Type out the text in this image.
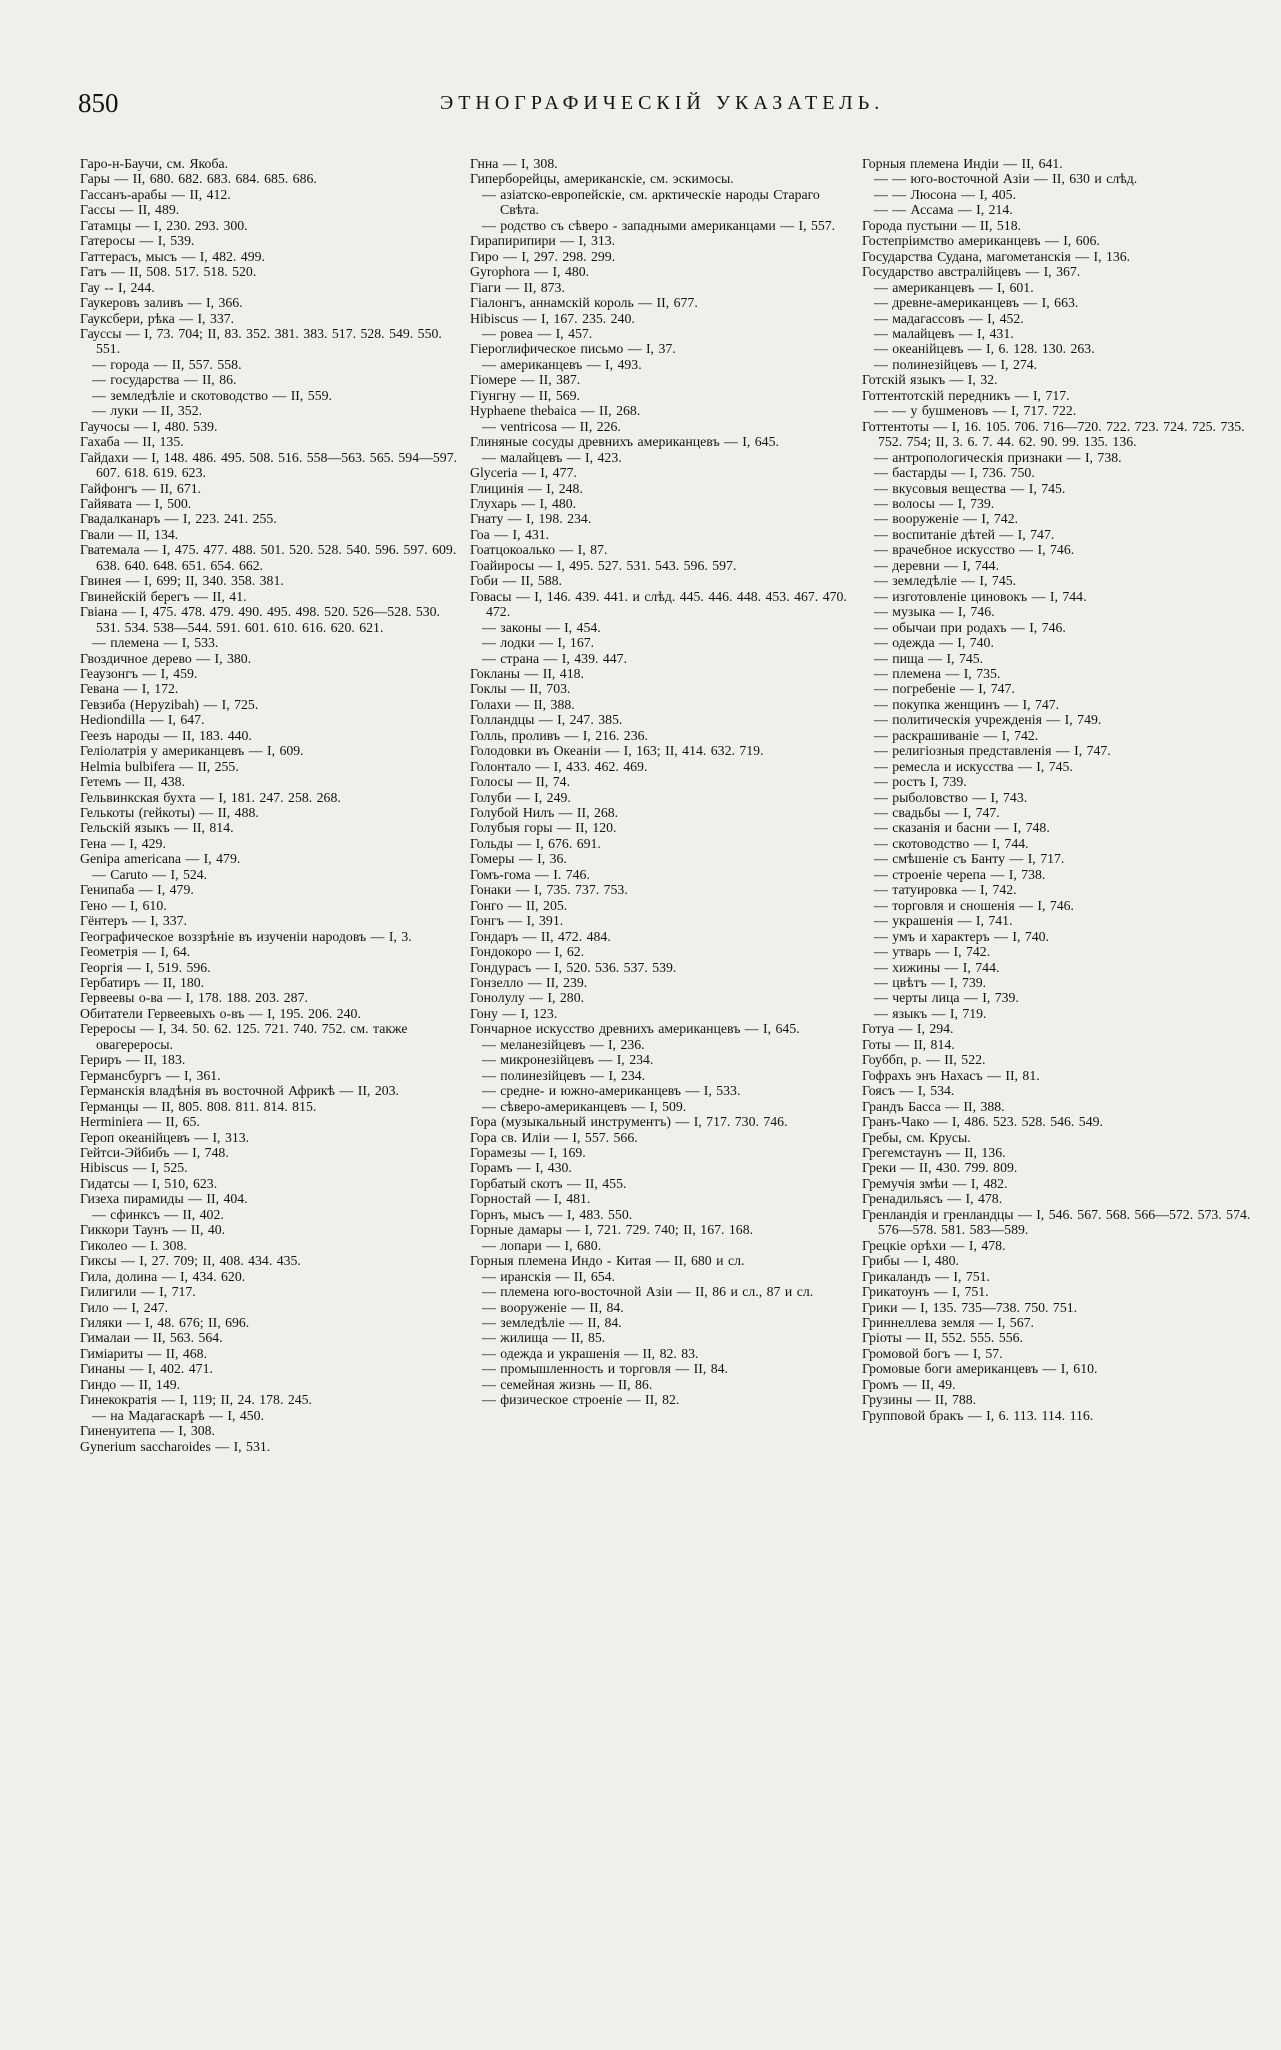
850	ЭТНОГРАФИЧЕСКІЙ УКАЗАТЕЛЬ.
Гаро-н-Баучи, см. Якоба.
Гары — II, 680. 682. 683. 684. 685. 686.
Гассанъ-арабы — II, 412.
Гассы — II, 489.
Гатамцы — I, 230. 293. 300.
Гатеросы — I, 539.
Гаттерасъ, мысъ — I, 482. 499.
Гатъ — II, 508. 517. 518. 520.
Гау -- I, 244.
Гаукеровъ заливъ — I, 366.
Гауксбери, рѣка — I, 337.
Гауссы — I, 73. 704; II, 83. 352. 381. 383. 517. 528. 549. 550. 551.
— города — II, 557. 558.
— государства — II, 86.
— земледѣліе и скотоводство — II, 559.
— луки — II, 352.
Гаучосы — I, 480. 539.
Гахаба — II, 135.
Гайдахи — I, 148. 486. 495. 508. 516. 558—563. 565. 594—597. 607. 618. 619. 623.
Гайфонгъ — II, 671.
Гайявата — I, 500.
Гвадалканаръ — I, 223. 241. 255.
Гвали — II, 134.
Гватемала — I, 475. 477. 488. 501. 520. 528. 540. 596. 597. 609. 638. 640. 648. 651. 654. 662.
Гвинея — I, 699; II, 340. 358. 381.
Гвинейскій берегъ — II, 41.
Гвіана — I, 475. 478. 479. 490. 495. 498. 520. 526—528. 530. 531. 534. 538—544. 591. 601. 610. 616. 620. 621.
— племена — I, 533.
Гвоздичное дерево — I, 380.
Геаузонгъ — I, 459.
Гевана — I, 172.
Гевзиба (Hepyzibah) — I, 725.
Hediondilla — I, 647.
Геезъ народы — II, 183. 440.
Геліолатрія у американцевъ — I, 609.
Helmia bulbifera — II, 255.
Гетемъ — II, 438.
Гельвинкская бухта — I, 181. 247. 258. 268.
Гелькоты (гейкоты) — II, 488.
Гельскій языкъ — II, 814.
Гена — I, 429.
Genipa americana — I, 479.
— Caruto — I, 524.
Генипаба — I, 479.
Гено — I, 610.
Гёнтеръ — I, 337.
Географическое воззрѣніе въ изученіи народовъ — I, 3.
Геометрія — I, 64.
Георгія — I, 519. 596.
Гербатиръ — II, 180.
Гервеевы о-ва — I, 178. 188. 203. 287.
Обитатели Гервеевыхъ о-въ — I, 195. 206. 240.
Гереросы — I, 34. 50. 62. 125. 721. 740. 752. см. также овагереросы.
Гериръ — II, 183.
Германсбургъ — I, 361.
Германскія владѣнія въ восточной Африкѣ — II, 203.
Германцы — II, 805. 808. 811. 814. 815.
Herminiera — II, 65.
Героп океанійцевъ — I, 313.
Гейтси-Эйбибъ — I, 748.
Hibiscus — I, 525.
Гидатсы — I, 510, 623.
Гизеха пирамиды — II, 404.
— сфинксъ — II, 402.
Гиккори Таунъ — II, 40.
Гиколео — I. 308.
Гиксы — I, 27. 709; II, 408. 434. 435.
Гила, долина — I, 434. 620.
Гилигили — I, 717.
Гило — I, 247.
Гиляки — I, 48. 676; II, 696.
Гималаи — II, 563. 564.
Гиміариты — II, 468.
Гинаны — I, 402. 471.
Гиндо — II, 149.
Гинекократія — I, 119; II, 24. 178. 245.
— на Мадагаскарѣ — I, 450.
Гиненуитепа — I, 308.
Gynerium saccharoides — I, 531.
Гнна — I, 308.
Гиперборейцы, американскіе, см. эскимосы.
— азіатско-европейскіе, см. арктическіе народы Стараго Свѣта.
— родство съ сѣверо - западными американцами — I, 557.
Гирапирипири — I, 313.
Гиро — I, 297. 298. 299.
Gyrophora — I, 480.
Гіаги — II, 873.
Гіалонгъ, аннамскій король — II, 677.
Hibiscus — I, 167. 235. 240.
— ровеа — I, 457.
Гіероглифическое письмо — I, 37.
— американцевъ — I, 493.
Гіомере — II, 387.
Гіунгну — II, 569.
Hyphaene thebaica — II, 268.
— ventricosa — II, 226.
Глиняные сосуды древнихъ американцевъ — I, 645.
— малайцевъ — I, 423.
Glyceria — I, 477.
Глицинія — I, 248.
Глухарь — I, 480.
Гнату — I, 198. 234.
Гоа — I, 431.
Гоатцокоалько — I, 87.
Гоайиросы — I, 495. 527. 531. 543. 596. 597.
Гоби — II, 588.
Говасы — I, 146. 439. 441. и слѣд. 445. 446. 448. 453. 467. 470. 472.
— законы — I, 454.
— лодки — I, 167.
— страна — I, 439. 447.
Гокланы — II, 418.
Гоклы — II, 703.
Голахи — II, 388.
Голландцы — I, 247. 385.
Голль, проливъ — I, 216. 236.
Голодовки въ Океаніи — I, 163; II, 414. 632. 719.
Голонтало — I, 433. 462. 469.
Голосы — II, 74.
Голуби — I, 249.
Голубой Нилъ — II, 268.
Голубыя горы — II, 120.
Гольды — I, 676. 691.
Гомеры — I, 36.
Гомъ-гома — I. 746.
Гонаки — I, 735. 737. 753.
Гонго — II, 205.
Гонгъ — I, 391.
Гондаръ — II, 472. 484.
Гондокоро — I, 62.
Гондурасъ — I, 520. 536. 537. 539.
Гонзелло — II, 239.
Гонолулу — I, 280.
Гону — I, 123.
Гончарное искусство древнихъ американцевъ — I, 645.
— меланезійцевъ — I, 236.
— микронезійцевъ — I, 234.
— полинезійцевъ — I, 234.
— средне- и южно-американцевъ — I, 533.
— сѣверо-американцевъ — I, 509.
Гора (музыкальный инструментъ) — I, 717. 730. 746.
Гора св. Иліи — I, 557. 566.
Горамезы — I, 169.
Горамъ — I, 430.
Горбатый скотъ — II, 455.
Горностай — I, 481.
Горнъ, мысъ — I, 483. 550.
Горные дамары — I, 721. 729. 740; II, 167. 168.
— лопари — I, 680.
Горныя племена Индо - Китая — II, 680 и сл.
— иранскія — II, 654.
— племена юго-восточной Азіи — II, 86 и сл., 87 и сл.
— вооруженіе — II, 84.
— земледѣліе — II, 84.
— жилища — II, 85.
— одежда и украшенія — II, 82. 83.
— промышленность и торговля — II, 84.
— семейная жизнь — II, 86.
— физическое строеніе — II, 82.
Горныя племена Индіи — II, 641.
— — юго-восточной Азіи — II, 630 и слѣд.
— — Люсона — I, 405.
— — Ассама — I, 214.
Города пустыни — II, 518.
Гостепріимство американцевъ — I, 606.
Государства Судана, магометанскія — I, 136.
Государство австралійцевъ — I, 367.
— американцевъ — I, 601.
— древне-американцевъ — I, 663.
— мадагассовъ — I, 452.
— малайцевъ — I, 431.
— океанійцевъ — I, 6. 128. 130. 263.
— полинезійцевъ — I, 274.
Готскій языкъ — I, 32.
Готтентотскій передникъ — I, 717.
— — у бушменовъ — I, 717. 722.
Готтентоты — I, 16. 105. 706. 716—720. 722. 723. 724. 725. 735. 752. 754; II, 3. 6. 7. 44. 62. 90. 99. 135. 136.
— антропологическія признаки — I, 738.
— бастарды — I, 736. 750.
— вкусовыя вещества — I, 745.
— волосы — I, 739.
— вооруженіе — I, 742.
— воспитаніе дѣтей — I, 747.
— врачебное искусство — I, 746.
— деревни — I, 744.
— земледѣліе — I, 745.
— изготовленіе циновокъ — I, 744.
— музыка — I, 746.
— обычаи при родахъ — I, 746.
— одежда — I, 740.
— пища — I, 745.
— племена — I, 735.
— погребеніе — I, 747.
— покупка женщинъ — I, 747.
— политическія учрежденія — I, 749.
— раскрашиваніе — I, 742.
— религіозныя представленія — I, 747.
— ремесла и искусства — I, 745.
— ростъ I, 739.
— рыболовство — I, 743.
— свадьбы — I, 747.
— сказанія и басни — I, 748.
— скотоводство — I, 744.
— смѣшеніе съ Банту — I, 717.
— строеніе черепа — I, 738.
— татуировка — I, 742.
— торговля и сношенія — I, 746.
— украшенія — I, 741.
— умъ и характеръ — I, 740.
— утварь — I, 742.
— хижины — I, 744.
— цвѣтъ — I, 739.
— черты лица — I, 739.
— языкъ — I, 719.
Готуа — I, 294.
Готы — II, 814.
Гоуббп, р. — II, 522.
Гофрахъ энъ Нахасъ — II, 81.
Гоясъ — I, 534.
Грандъ Басса — II, 388.
Гранъ-Чако — I, 486. 523. 528. 546. 549.
Гребы, см. Крусы.
Грегемстаунъ — II, 136.
Греки — II, 430. 799. 809.
Гремучія змѣи — I, 482.
Гренадильясъ — I, 478.
Гренландія и гренландцы — I, 546. 567. 568. 566—572. 573. 574. 576—578. 581. 583—589.
Грецкіе орѣхи — I, 478.
Грибы — I, 480.
Грикаландъ — I, 751.
Грикатоунъ — I, 751.
Грики — I, 135. 735—738. 750. 751.
Гриннеллева земля — I, 567.
Гріоты — II, 552. 555. 556.
Громовой богъ — I, 57.
Громовые боги американцевъ — I, 610.
Громъ — II, 49.
Грузины — II, 788.
Групповой бракъ — I, 6. 113. 114. 116.
